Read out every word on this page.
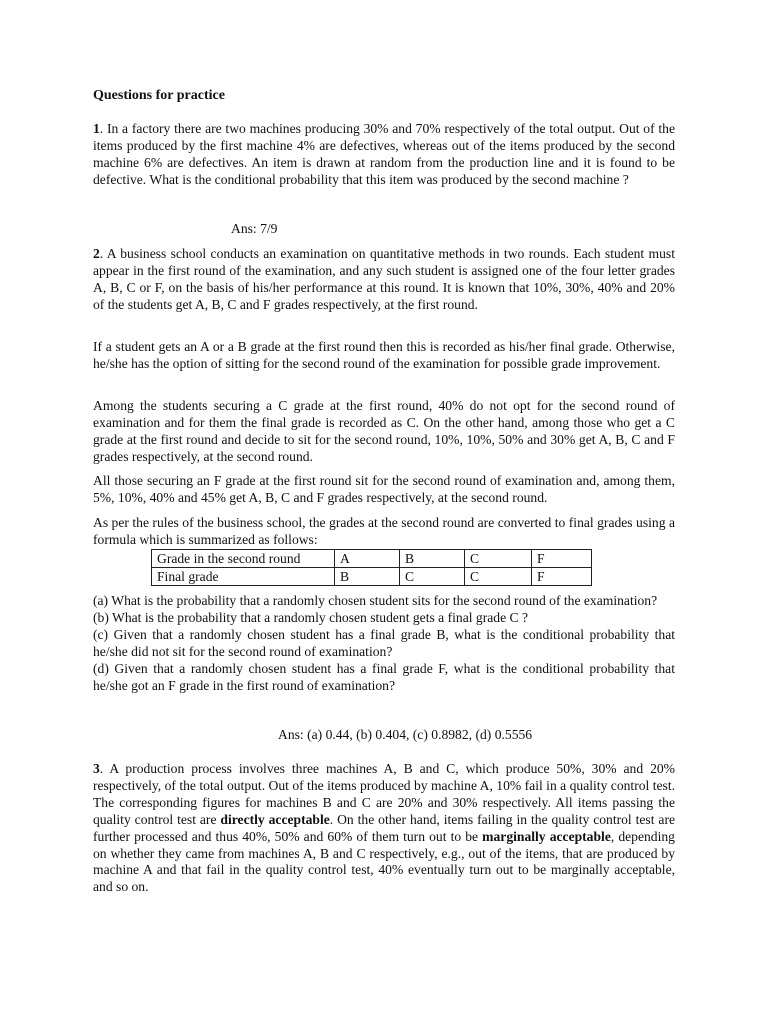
Questions for practice

1. In a factory there are two machines producing 30% and 70% respectively of the total output. Out of the items produced by the first machine 4% are defectives, whereas out of the items produced by the second machine 6% are defectives. An item is drawn at random from the production line and it is found to be defective. What is the conditional probability that this item was produced by the second machine ?

Ans: 7/9

2. A business school conducts an examination on quantitative methods in two rounds. Each student must appear in the first round of the examination, and any such student is assigned one of the four letter grades A, B, C or F, on the basis of his/her performance at this round. It is known that 10%, 30%, 40% and 20% of the students get A, B, C and F grades respectively, at the first round.

If a student gets an A or a B grade at the first round then this is recorded as his/her final grade. Otherwise, he/she has the option of sitting for the second round of the examination for possible grade improvement.

Among the students securing a C grade at the first round, 40% do not opt for the second round of examination and for them the final grade is recorded as C. On the other hand, among those who get a C grade at the first round and decide to sit for the second round, 10%, 10%, 50% and 30% get A, B, C and F grades respectively, at the second round.

All those securing an F grade at the first round sit for the second round of examination and, among them, 5%, 10%, 40% and 45% get A, B, C and F grades respectively, at the second round.

As per the rules of the business school, the grades at the second round are converted to final grades using a formula which is summarized as follows:

Grade in the second round	A	B	C	F
Final grade	B	C	C	F

(a) What is the probability that a randomly chosen student sits for the second round of the examination?

(b) What is the probability that a randomly chosen student gets a final grade C ?

(c) Given that a randomly chosen student has a final grade B, what is the conditional probability that he/she did not sit for the second round of examination?

(d) Given that a randomly chosen student has a final grade F, what is the conditional probability that he/she got an F grade in the first round of examination?

Ans: (a) 0.44, (b) 0.404, (c) 0.8982, (d) 0.5556

3. A production process involves three machines A, B and C, which produce 50%, 30% and 20% respectively, of the total output. Out of the items produced by machine A, 10% fail in a quality control test. The corresponding figures for machines B and C are 20% and 30% respectively. All items passing the quality control test are directly acceptable. On the other hand, items failing in the quality control test are further processed and thus 40%, 50% and 60% of them turn out to be marginally acceptable, depending on whether they came from machines A, B and C respectively, e.g., out of the items, that are produced by machine A and that fail in the quality control test, 40% eventually turn out to be marginally acceptable, and so on.
